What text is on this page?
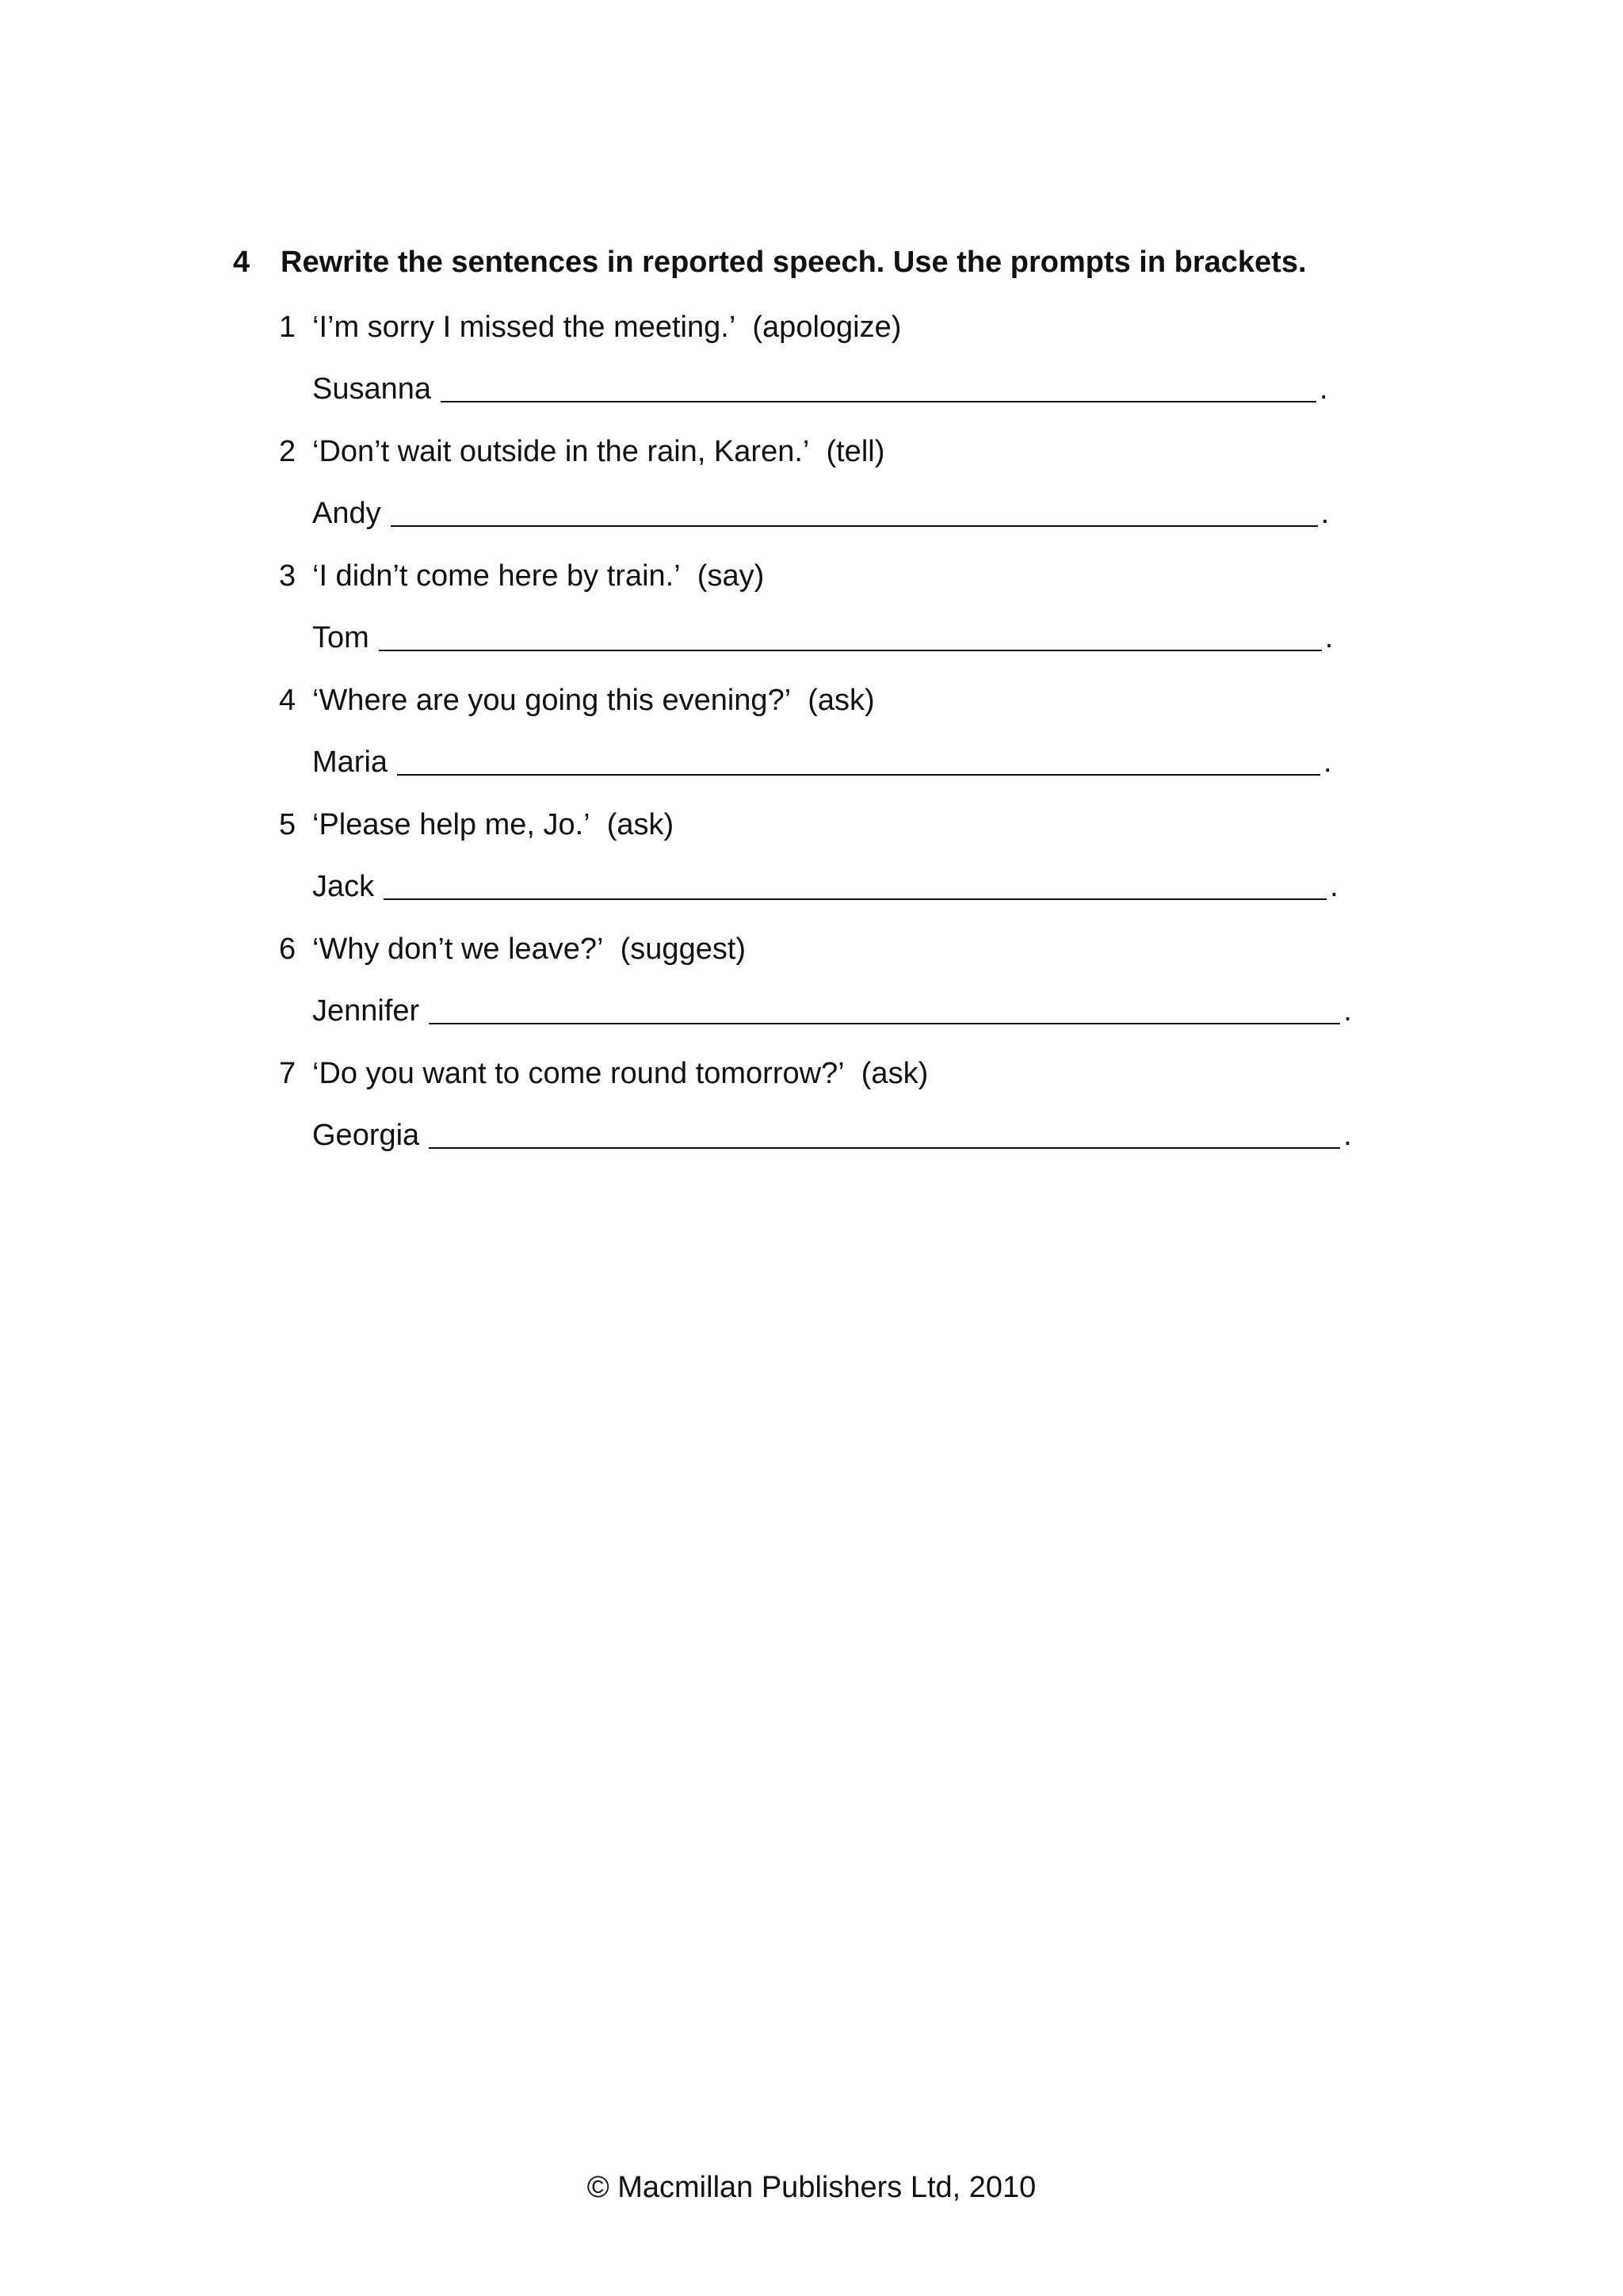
4 Rewrite the sentences in reported speech. Use the prompts in brackets.
1 ‘I’m sorry I missed the meeting.’ (apologize)
Susanna	.
2 ‘Don’t wait outside in the rain, Karen.’ (tell)
Andy	.
3 ‘I didn’t come here by train.’ (say)
Tom	.
4 ‘Where are you going this evening?’ (ask)
Maria	.
5 ‘Please help me, Jo.’ (ask)
Jack	.
6 ‘Why don’t we leave?’ (suggest)
Jennifer	.
7 ‘Do you want to come round tomorrow?’ (ask)
Georgia	.
© Macmillan Publishers Ltd, 2010
